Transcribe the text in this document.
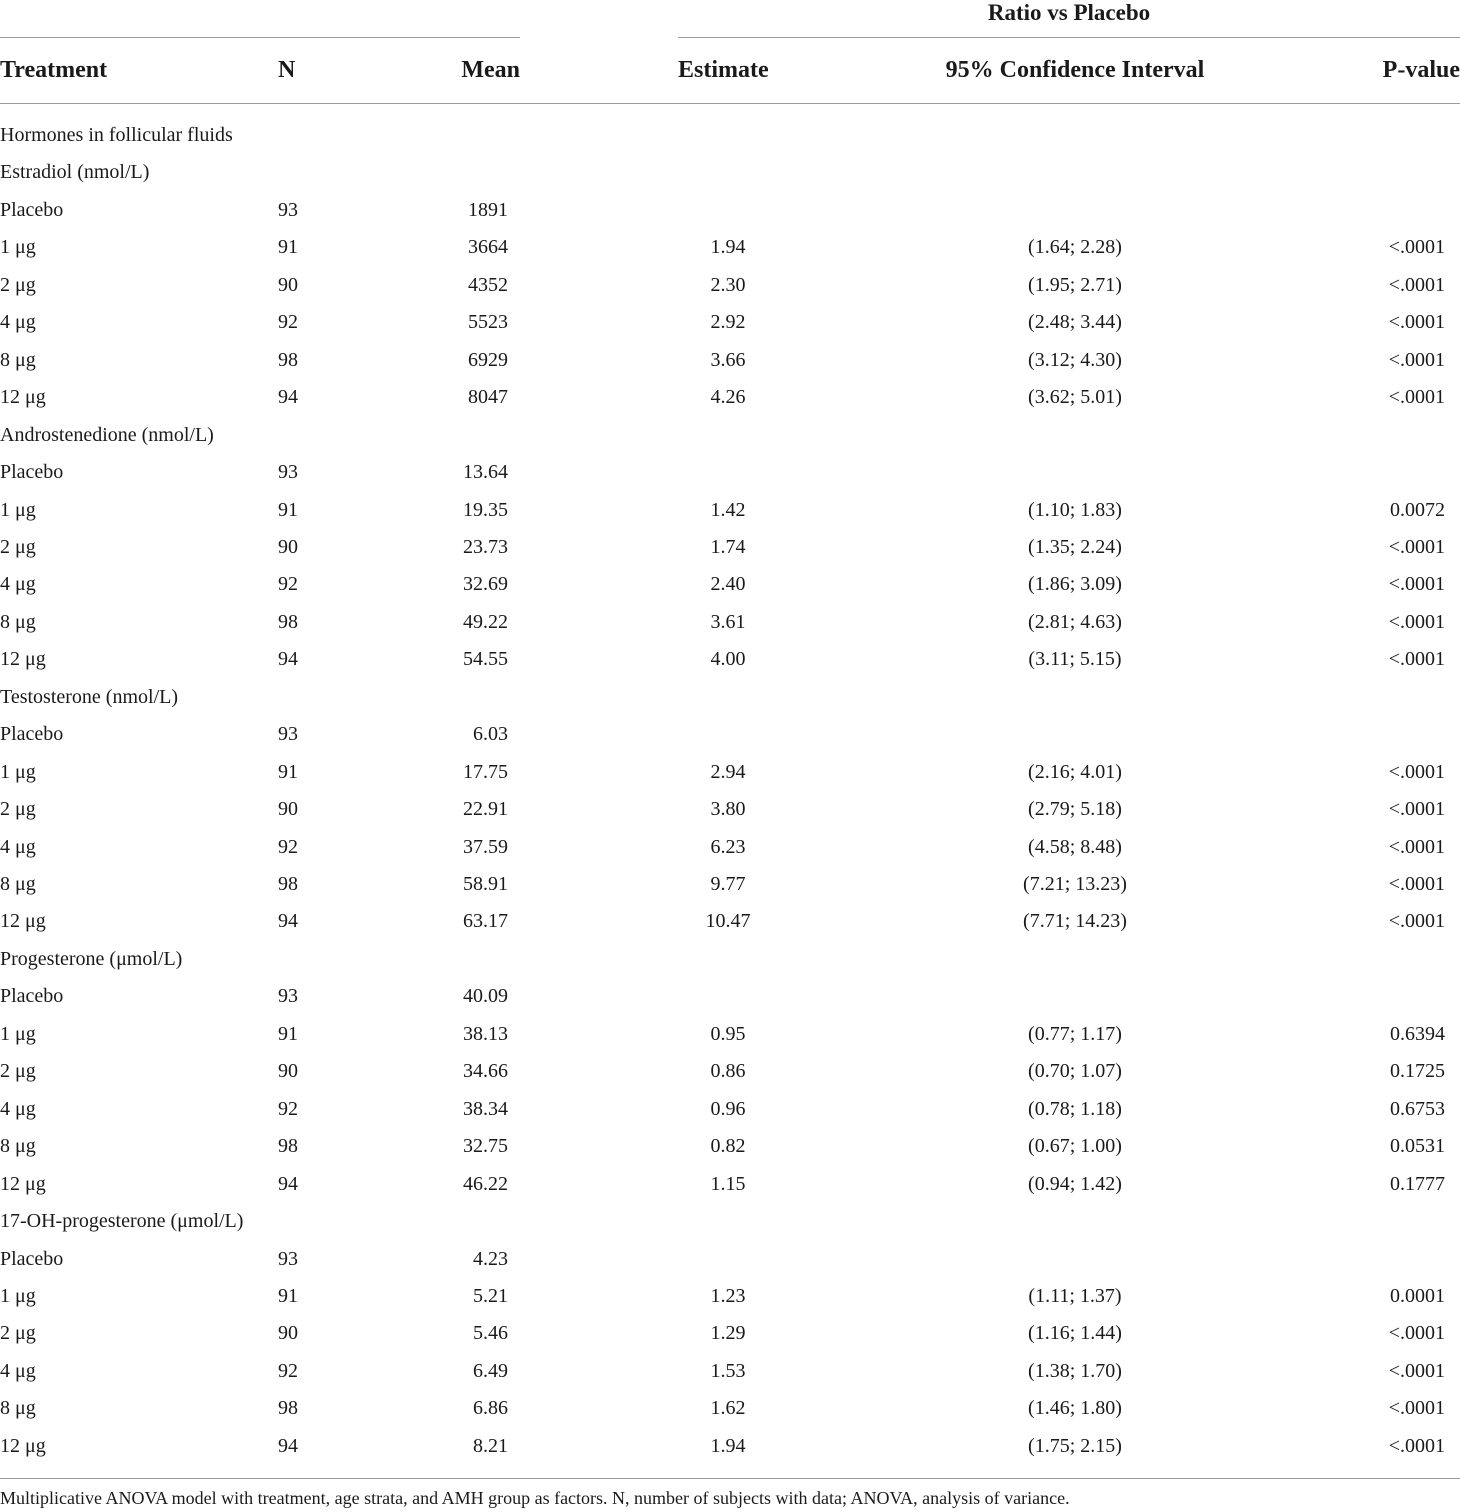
Ratio vs Placebo
Treatment	N	Mean	Estimate	95% Confidence Interval	P-value
Hormones in follicular fluids
Estradiol (nmol/L)
Placebo	93	1891
1 μg	91	3664	1.94	(1.64; 2.28)	<.0001
2 μg	90	4352	2.30	(1.95; 2.71)	<.0001
4 μg	92	5523	2.92	(2.48; 3.44)	<.0001
8 μg	98	6929	3.66	(3.12; 4.30)	<.0001
12 μg	94	8047	4.26	(3.62; 5.01)	<.0001
Androstenedione (nmol/L)
Placebo	93	13.64
1 μg	91	19.35	1.42	(1.10; 1.83)	0.0072
2 μg	90	23.73	1.74	(1.35; 2.24)	<.0001
4 μg	92	32.69	2.40	(1.86; 3.09)	<.0001
8 μg	98	49.22	3.61	(2.81; 4.63)	<.0001
12 μg	94	54.55	4.00	(3.11; 5.15)	<.0001
Testosterone (nmol/L)
Placebo	93	6.03
1 μg	91	17.75	2.94	(2.16; 4.01)	<.0001
2 μg	90	22.91	3.80	(2.79; 5.18)	<.0001
4 μg	92	37.59	6.23	(4.58; 8.48)	<.0001
8 μg	98	58.91	9.77	(7.21; 13.23)	<.0001
12 μg	94	63.17	10.47	(7.71; 14.23)	<.0001
Progesterone (μmol/L)
Placebo	93	40.09
1 μg	91	38.13	0.95	(0.77; 1.17)	0.6394
2 μg	90	34.66	0.86	(0.70; 1.07)	0.1725
4 μg	92	38.34	0.96	(0.78; 1.18)	0.6753
8 μg	98	32.75	0.82	(0.67; 1.00)	0.0531
12 μg	94	46.22	1.15	(0.94; 1.42)	0.1777
17-OH-progesterone (μmol/L)
Placebo	93	4.23
1 μg	91	5.21	1.23	(1.11; 1.37)	0.0001
2 μg	90	5.46	1.29	(1.16; 1.44)	<.0001
4 μg	92	6.49	1.53	(1.38; 1.70)	<.0001
8 μg	98	6.86	1.62	(1.46; 1.80)	<.0001
12 μg	94	8.21	1.94	(1.75; 2.15)	<.0001
Multiplicative ANOVA model with treatment, age strata, and AMH group as factors. N, number of subjects with data; ANOVA, analysis of variance.
